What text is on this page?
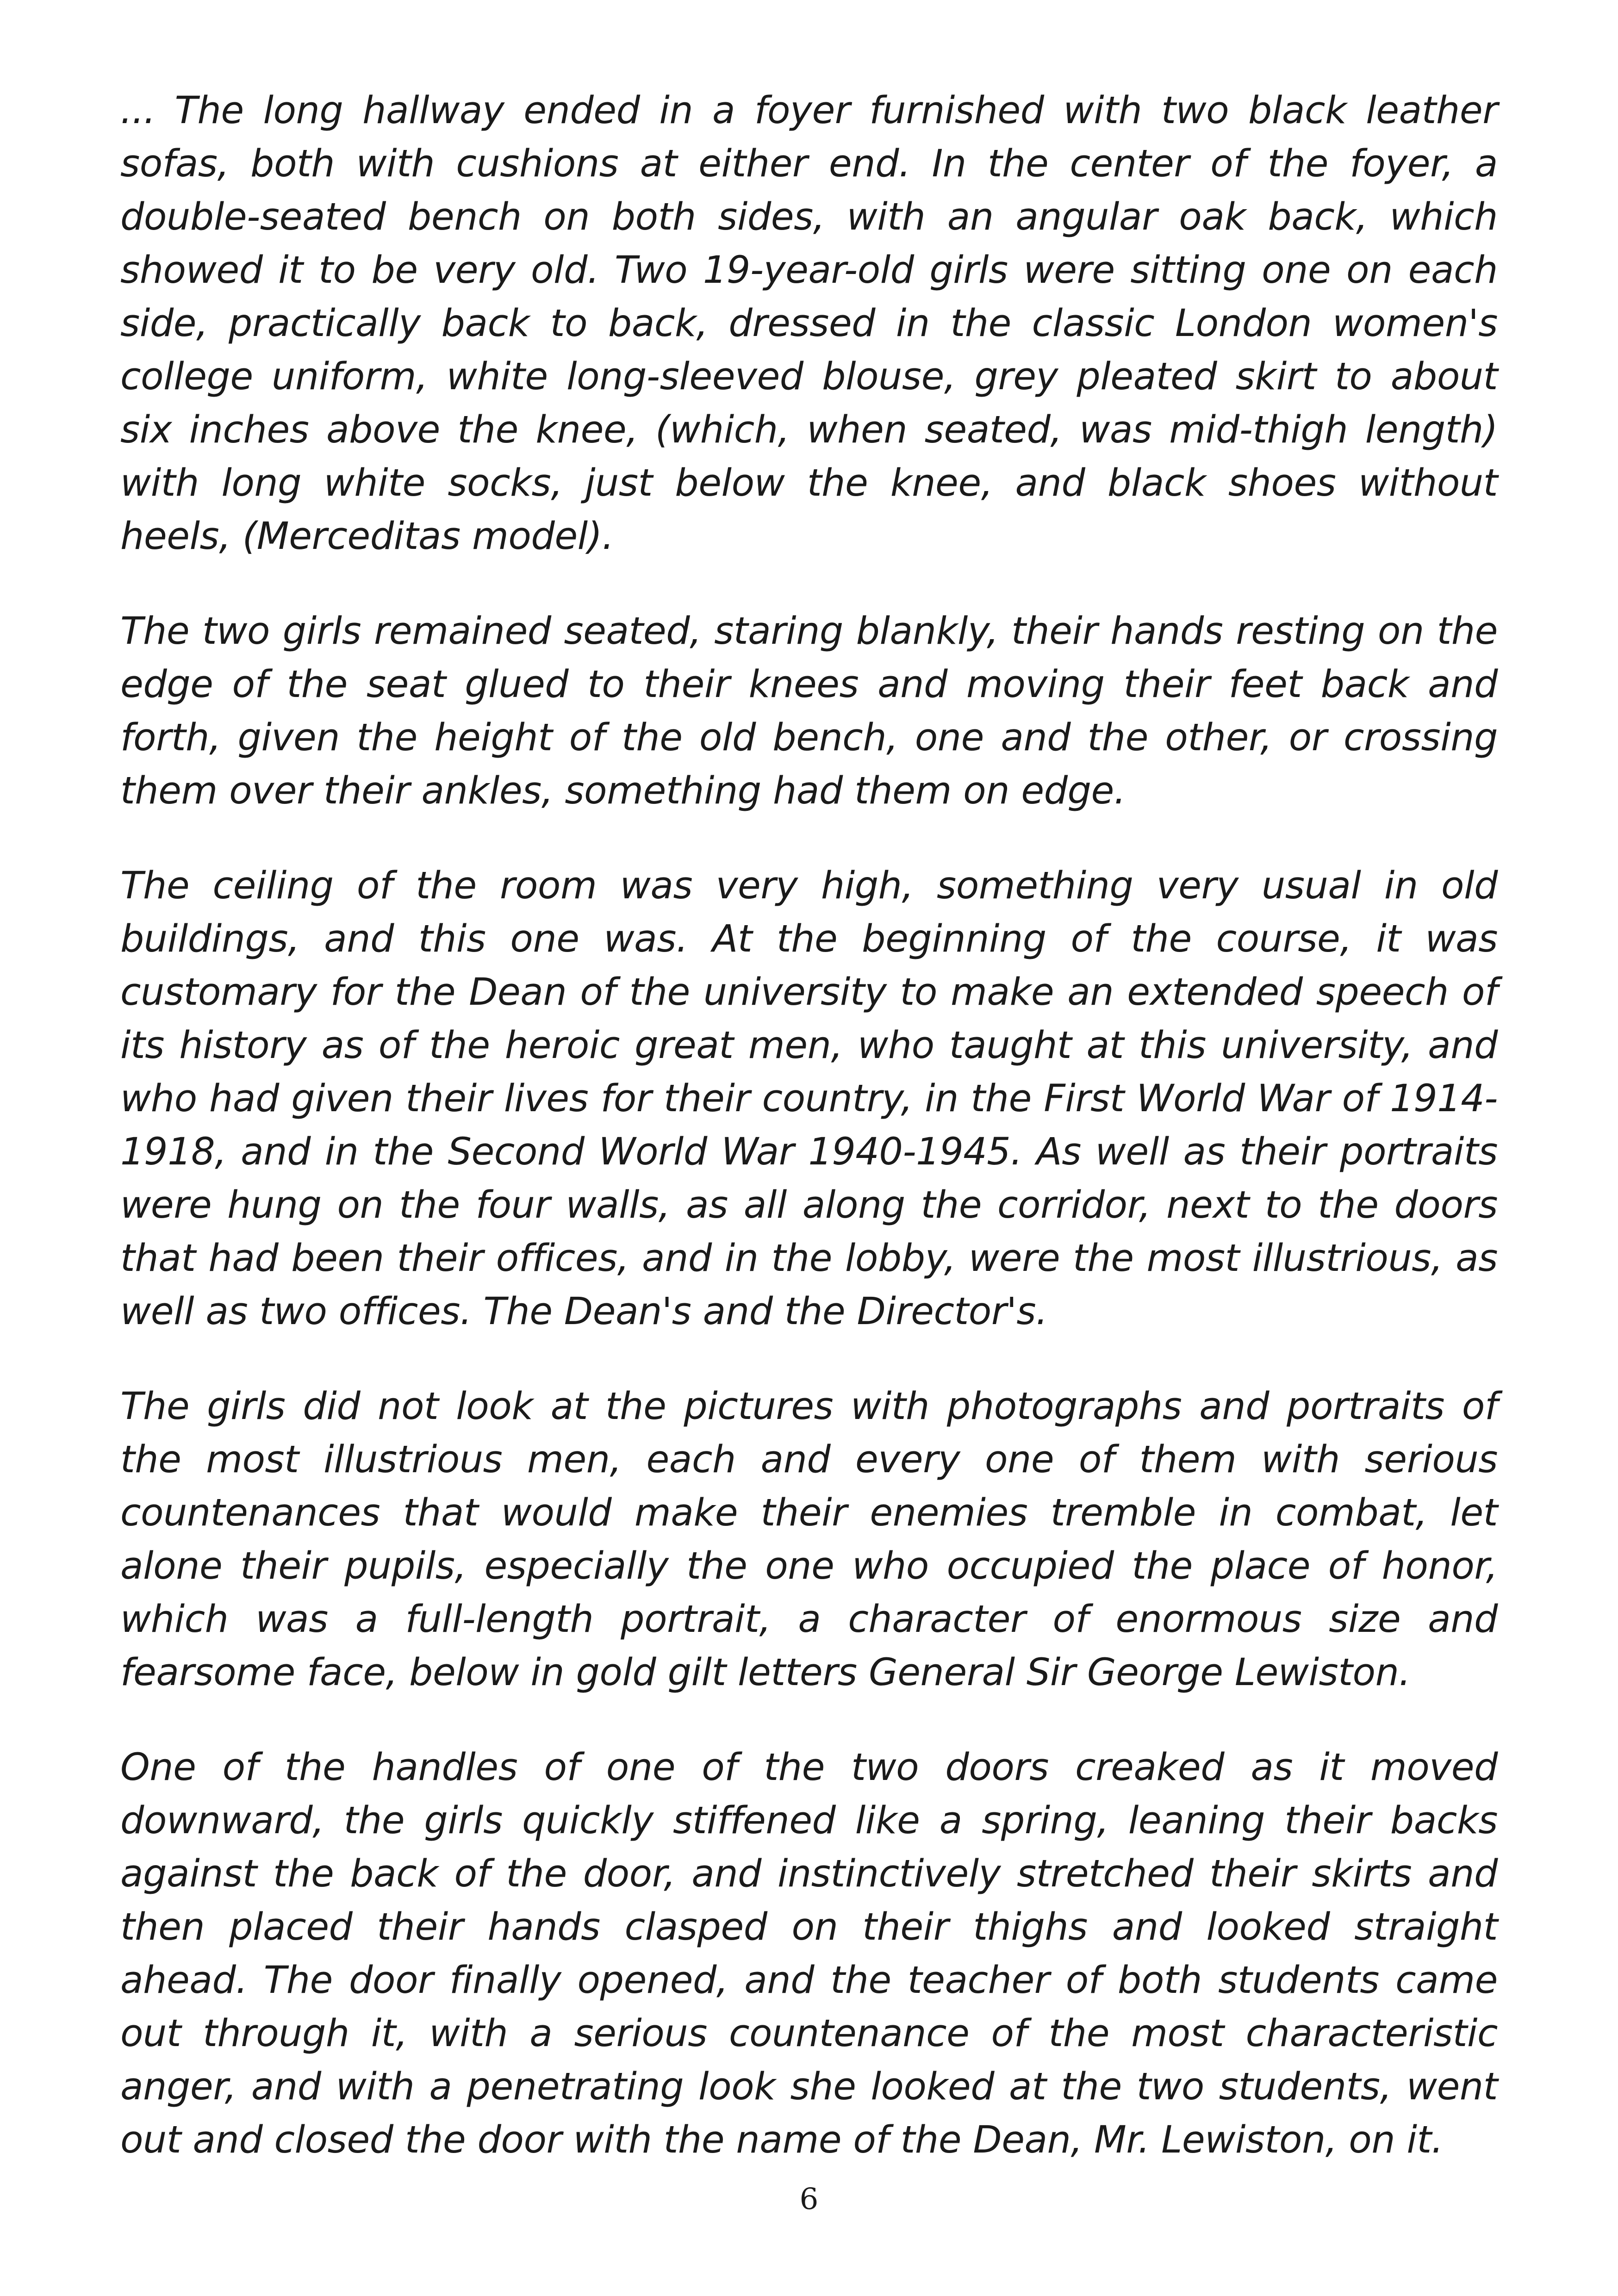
... The long hallway ended in a foyer furnished with two black leather sofas, both with cushions at either end. In the center of the foyer, a double-seated bench on both sides, with an angular oak back, which showed it to be very old. Two 19-year-old girls were sitting one on each side, practically back to back, dressed in the classic London women's college uniform, white long-sleeved blouse, grey pleated skirt to about six inches above the knee, (which, when seated, was mid-thigh length) with long white socks, just below the knee, and black shoes without heels, (Merceditas model).

The two girls remained seated, staring blankly, their hands resting on the edge of the seat glued to their knees and moving their feet back and forth, given the height of the old bench, one and the other, or crossing them over their ankles, something had them on edge.

The ceiling of the room was very high, something very usual in old buildings, and this one was. At the beginning of the course, it was customary for the Dean of the university to make an extended speech of its history as of the heroic great men, who taught at this university, and who had given their lives for their country, in the First World War of 1914-1918, and in the Second World War 1940-1945. As well as their portraits were hung on the four walls, as all along the corridor, next to the doors that had been their offices, and in the lobby, were the most illustrious, as well as two offices. The Dean's and the Director's.

The girls did not look at the pictures with photographs and portraits of the most illustrious men, each and every one of them with serious countenances that would make their enemies tremble in combat, let alone their pupils, especially the one who occupied the place of honor, which was a full-length portrait, a character of enormous size and fearsome face, below in gold gilt letters General Sir George Lewiston.

One of the handles of one of the two doors creaked as it moved downward, the girls quickly stiffened like a spring, leaning their backs against the back of the door, and instinctively stretched their skirts and then placed their hands clasped on their thighs and looked straight ahead. The door finally opened, and the teacher of both students came out through it, with a serious countenance of the most characteristic anger, and with a penetrating look she looked at the two students, went out and closed the door with the name of the Dean, Mr. Lewiston, on it.

6
